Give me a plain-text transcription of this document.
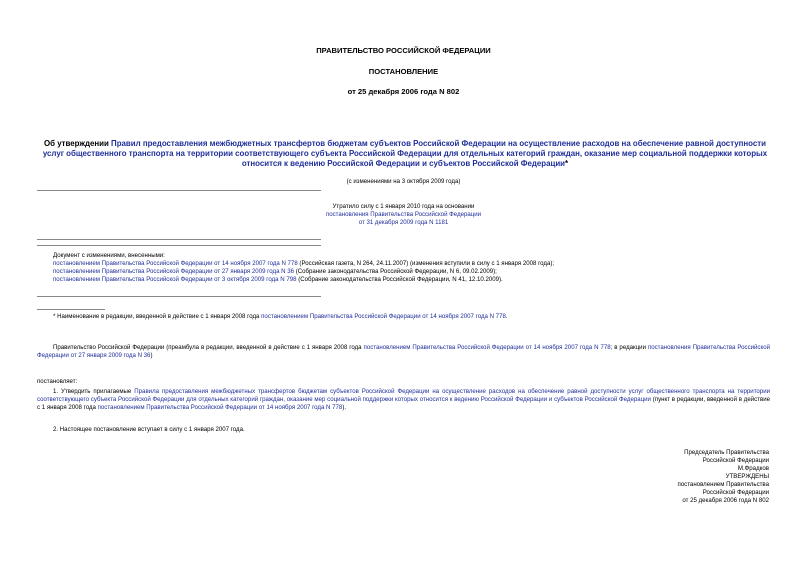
ПРАВИТЕЛЬСТВО РОССИЙСКОЙ ФЕДЕРАЦИИ
ПОСТАНОВЛЕНИЕ
от 25 декабря 2006 года N 802
Об утверждении Правил предоставления межбюджетных трансфертов бюджетам субъектов Российской Федерации на осуществление расходов на обеспечение равной доступности услуг общественного транспорта на территории соответствующего субъекта Российской Федерации для отдельных категорий граждан, оказание мер социальной поддержки которых относится к ведению Российской Федерации и субъектов Российской Федерации*
(с изменениями на 3 октября 2009 года)
Утратило силу с 1 января 2010 года на основании
постановления Правительства Российской Федерации
от 31 декабря 2009 года N 1181
Документ с изменениями, внесенными:
постановлением Правительства Российской Федерации от 14 ноября 2007 года N 778 (Российская газета, N 264, 24.11.2007) (изменения вступили в силу с 1 января 2008 года);
постановлением Правительства Российской Федерации от 27 января 2009 года N 36 (Собрание законодательства Российской Федерации, N 6, 09.02.2009);
постановлением Правительства Российской Федерации от 3 октября 2009 года N 798 (Собрание законодательства Российской Федерации, N 41, 12.10.2009).
* Наименование в редакции, введенной в действие с 1 января 2008 года постановлением Правительства Российской Федерации от 14 ноября 2007 года N 778.
Правительство Российской Федерации (преамбула в редакции, введенной в действие с 1 января 2008 года постановлением Правительства Российской Федерации от 14 ноября 2007 года N 778; в редакции постановления Правительства Российской Федерации от 27 января 2009 года N 36)
постановляет:
1. Утвердить прилагаемые Правила предоставления межбюджетных трансфертов бюджетам субъектов Российской Федерации на осуществление расходов на обеспечение равной доступности услуг общественного транспорта на территории соответствующего субъекта Российской Федерации для отдельных категорий граждан, оказание мер социальной поддержки которых относится к ведению Российской Федерации и субъектов Российской Федерации (пункт в редакции, введенной в действие с 1 января 2008 года постановлением Правительства Российской Федерации от 14 ноября 2007 года N 778).
2. Настоящее постановление вступает в силу с 1 января 2007 года.
Председатель Правительства
Российской Федерации
М.Фрадков
УТВЕРЖДЕНЫ
постановлением Правительства
Российской Федерации
от 25 декабря 2006 года N 802
